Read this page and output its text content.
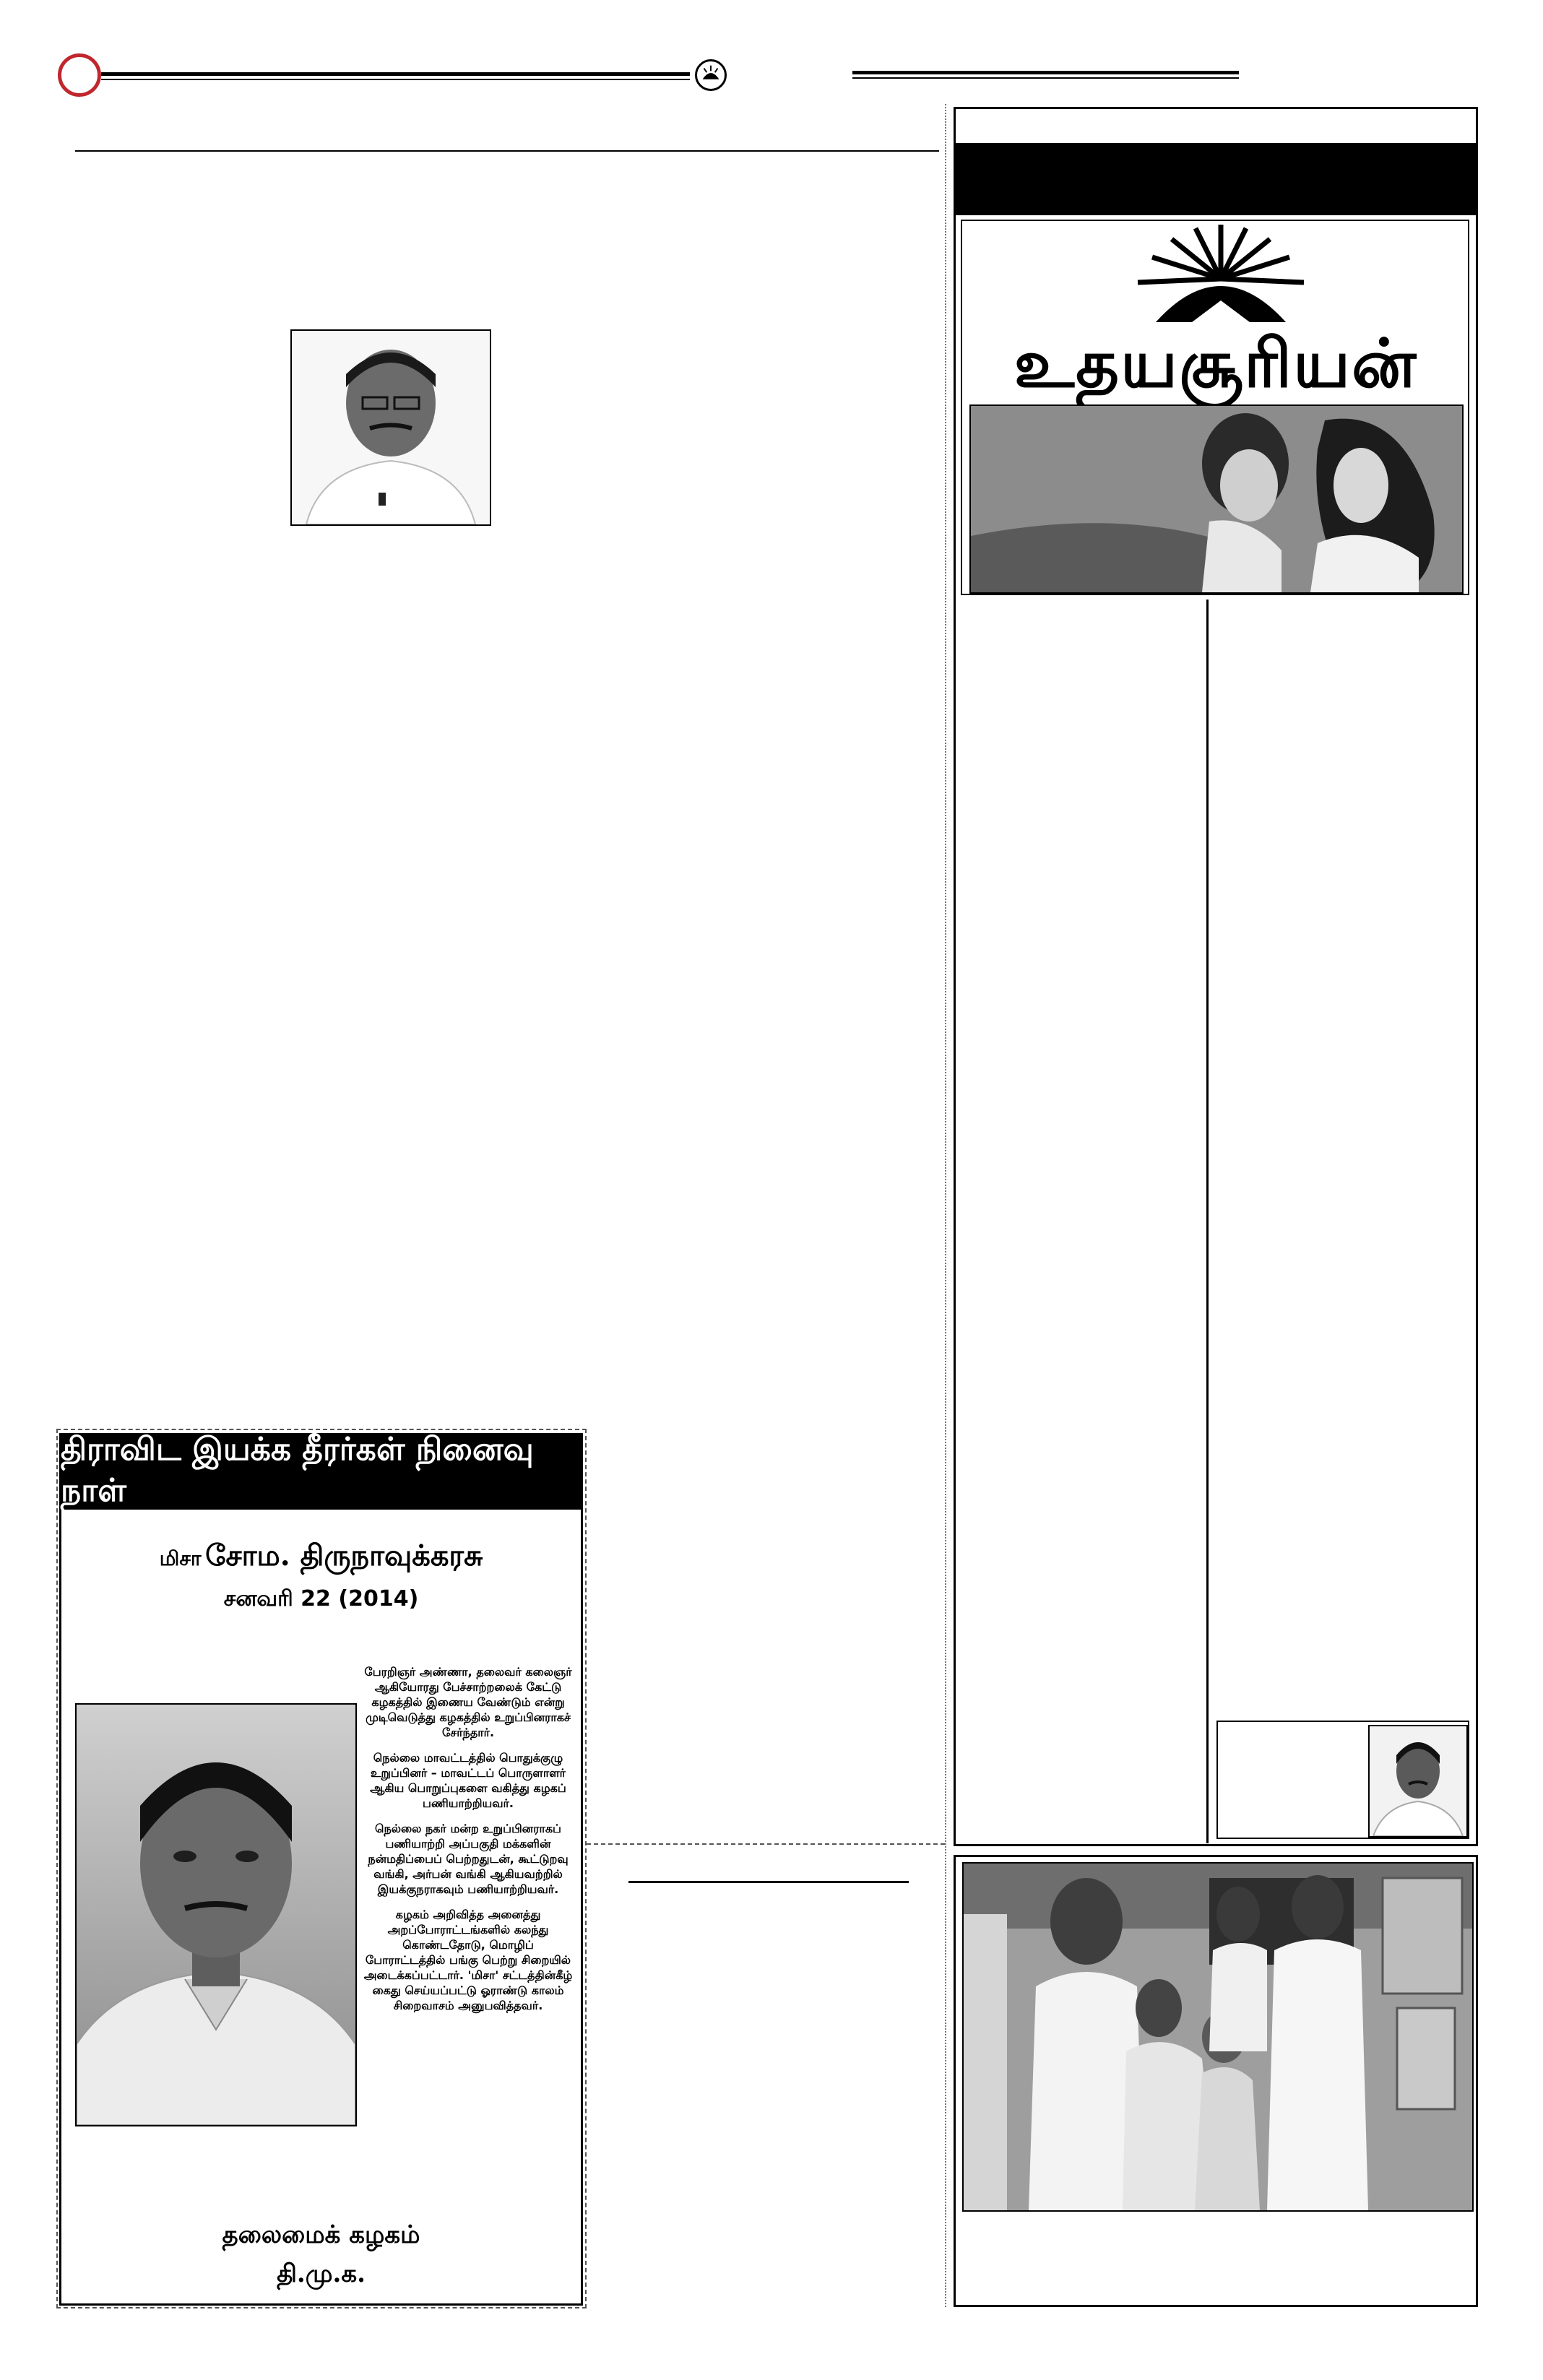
திராவிட இயக்க தீரர்கள் நினைவு நாள்
மிசா சோம. திருநாவுக்கரசு
சனவரி 22 (2014)

பேரறிஞர் அண்ணா, தலைவர் கலைஞர் ஆகியோரது பேச்சாற்றலைக் கேட்டு கழகத்தில் இணைய வேண்டும் என்று முடிவெடுத்து கழகத்தில் உறுப்பினராகச் சேர்ந்தார்.

நெல்லை மாவட்டத்தில் பொதுக்குழு உறுப்பினர் – மாவட்டப் பொருளாளர் ஆகிய பொறுப்புகளை வகித்து கழகப் பணியாற்றியவர்.

நெல்லை நகர் மன்ற உறுப்பினராகப் பணியாற்றி அப்பகுதி மக்களின் நன்மதிப்பைப் பெற்றதுடன், கூட்டுறவு வங்கி, அர்பன் வங்கி ஆகியவற்றில் இயக்குநராகவும் பணியாற்றியவர்.

கழகம் அறிவித்த அனைத்து அறப்போராட்டங்களில் கலந்து கொண்டதோடு, மொழிப் போராட்டத்தில் பங்கு பெற்று சிறையில் அடைக்கப்பட்டார். 'மிசா' சட்டத்தின்கீழ் கைது செய்யப்பட்டு ஓராண்டு காலம் சிறைவாசம் அனுபவித்தவர்.

தலைமைக் கழகம்
தி.மு.க.
உதயசூரியன்
